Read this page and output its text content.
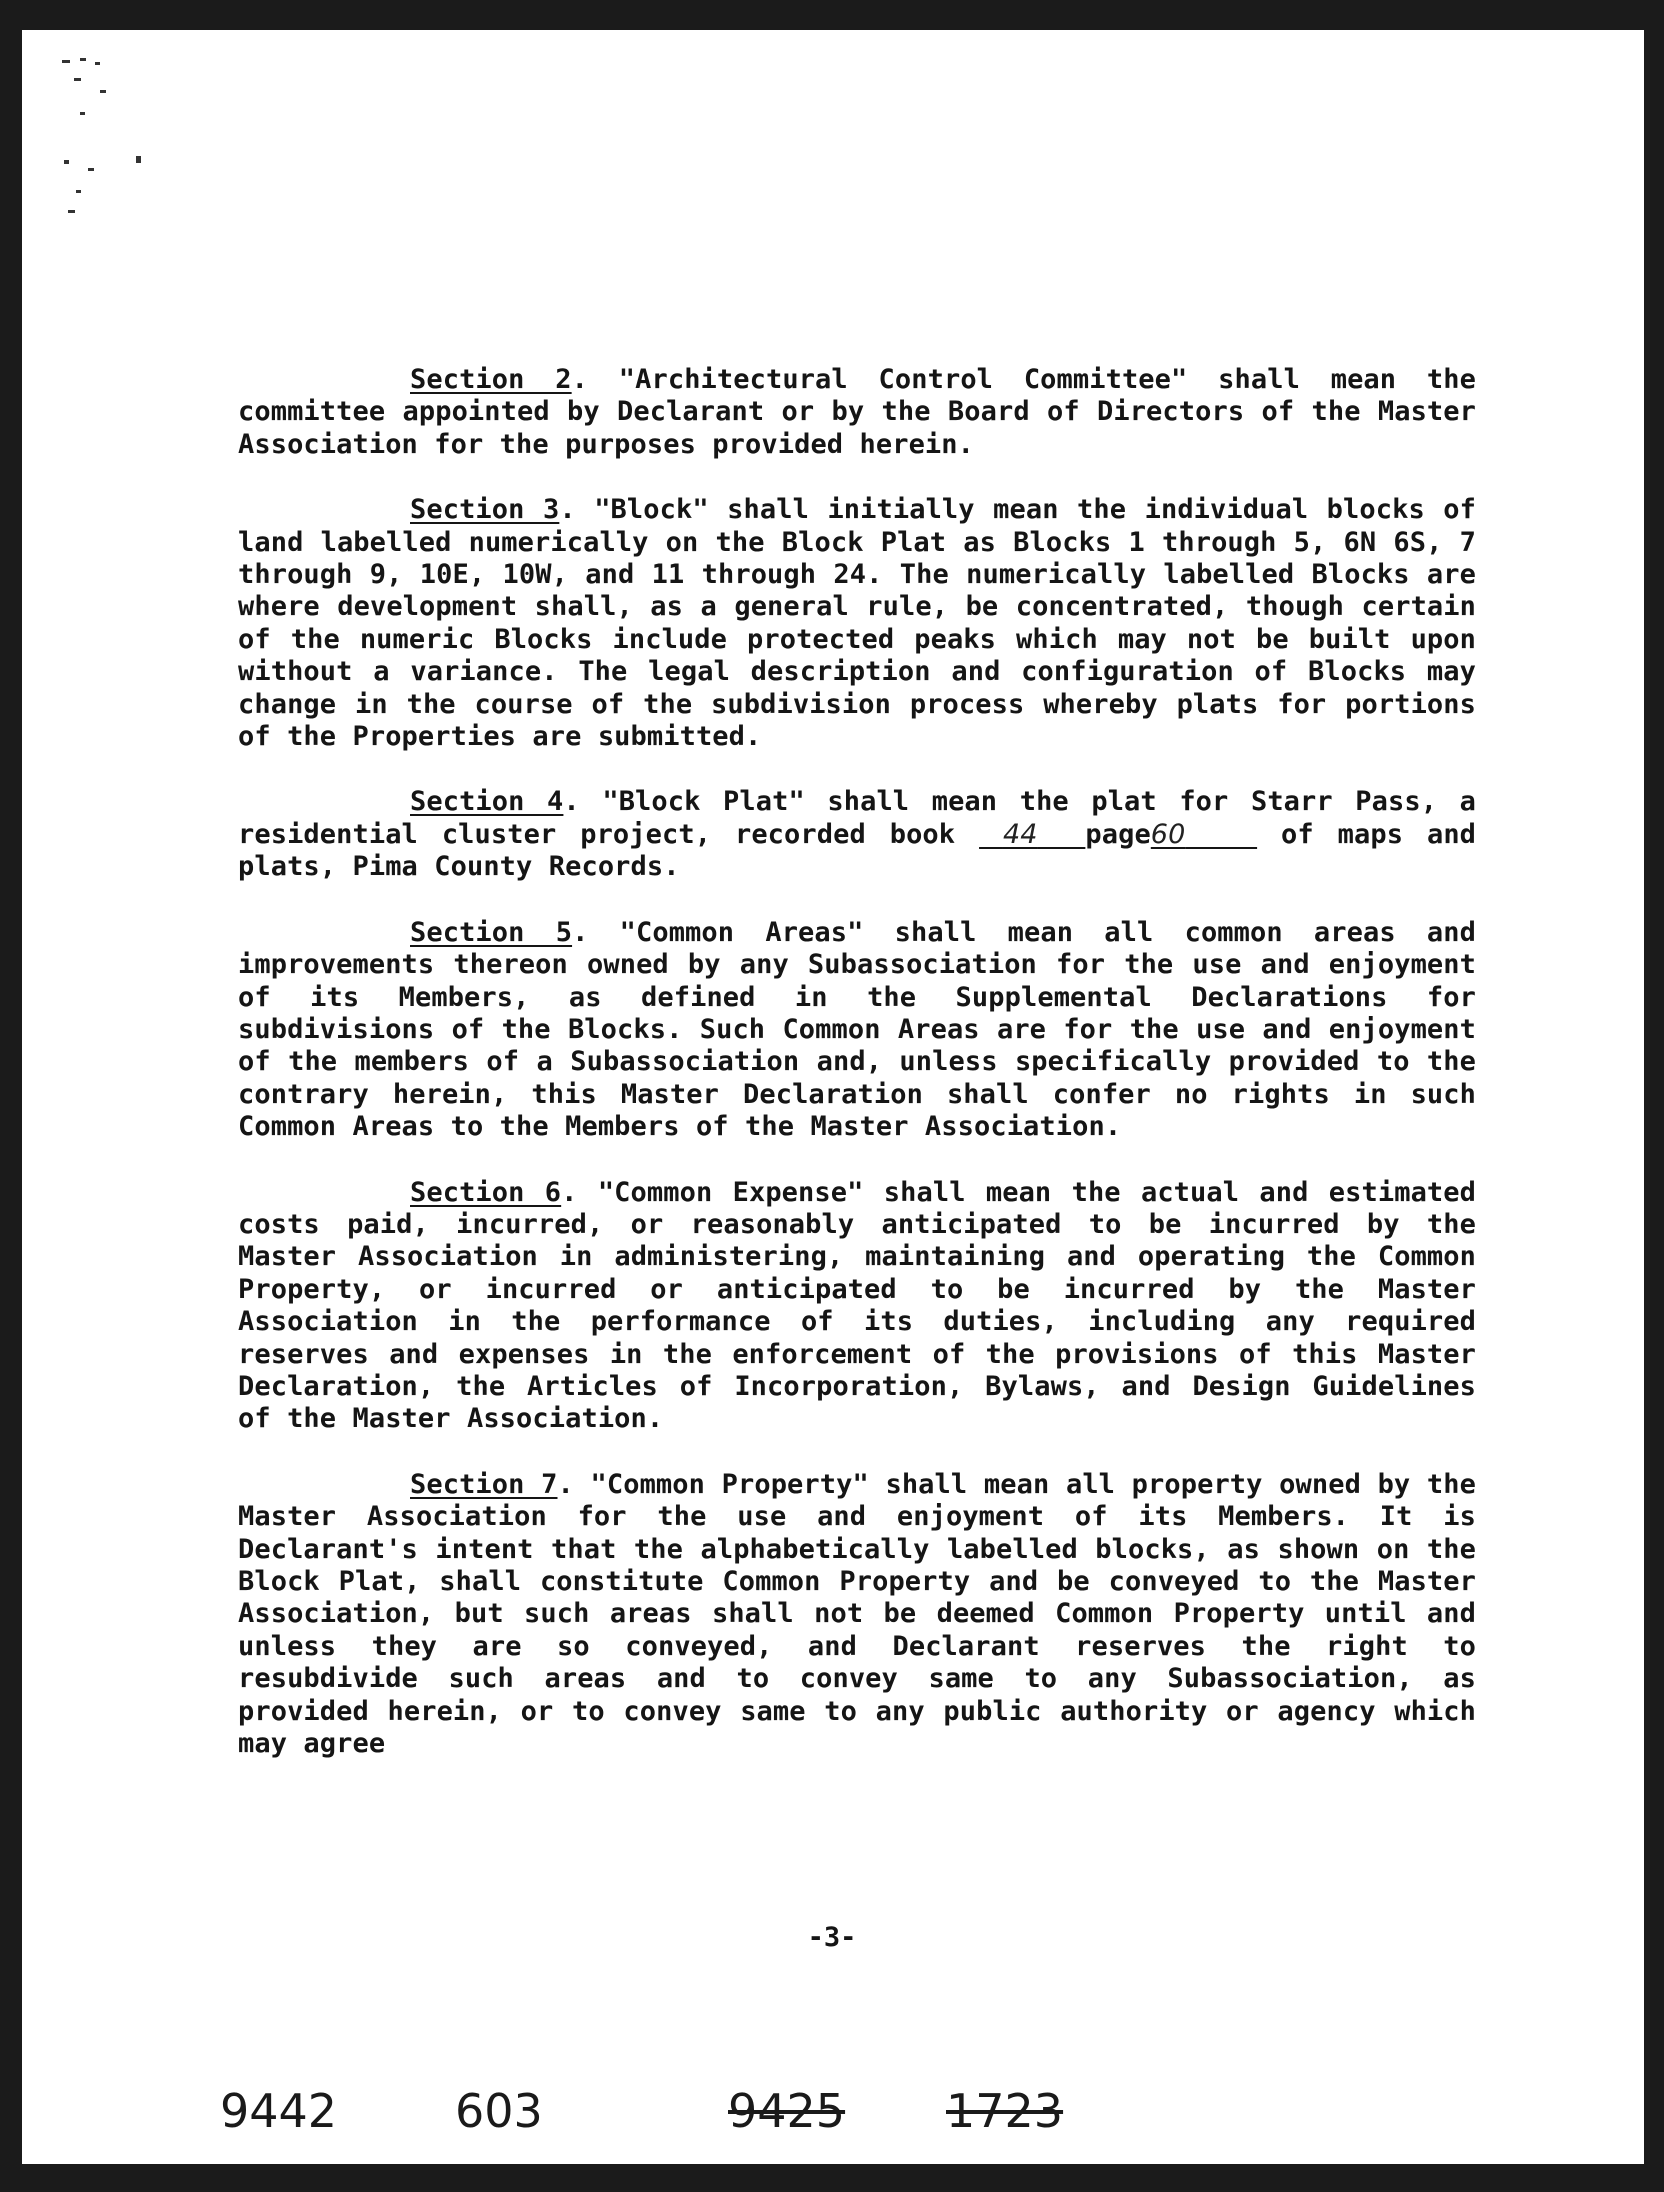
Section 2. "Architectural Control Committee" shall mean the committee appointed by Declarant or by the Board of Directors of the Master Association for the purposes provided herein.

Section 3. "Block" shall initially mean the individual blocks of land labelled numerically on the Block Plat as Blocks 1 through 5, 6N 6S, 7 through 9, 10E, 10W, and 11 through 24. The numerically labelled Blocks are where development shall, as a general rule, be concentrated, though certain of the numeric Blocks include protected peaks which may not be built upon without a variance. The legal description and configuration of Blocks may change in the course of the subdivision process whereby plats for portions of the Properties are submitted.

Section 4. "Block Plat" shall mean the plat for Starr Pass, a residential cluster project, recorded book 44 page60	of maps and plats, Pima County Records.

Section 5. "Common Areas" shall mean all common areas and improvements thereon owned by any Subassociation for the use and enjoyment of its Members, as defined in the Supplemental Declarations for subdivisions of the Blocks. Such Common Areas are for the use and enjoyment of the members of a Subassociation and, unless specifically provided to the contrary herein, this Master Declaration shall confer no rights in such Common Areas to the Members of the Master Association.

Section 6. "Common Expense" shall mean the actual and estimated costs paid, incurred, or reasonably anticipated to be incurred by the Master Association in administering, maintaining and operating the Common Property, or incurred or anticipated to be incurred by the Master Association in the performance of its duties, including any required reserves and expenses in the enforcement of the provisions of this Master Declaration, the Articles of Incorporation, Bylaws, and Design Guidelines of the Master Association.

Section 7. "Common Property" shall mean all property owned by the Master Association for the use and enjoyment of its Members. It is Declarant's intent that the alphabetically labelled blocks, as shown on the Block Plat, shall constitute Common Property and be conveyed to the Master Association, but such areas shall not be deemed Common Property until and unless they are so conveyed, and Declarant reserves the right to resubdivide such areas and to convey same to any Subassociation, as provided herein, or to convey same to any public authority or agency which may agree

-3-
9442	603	9425 1723
